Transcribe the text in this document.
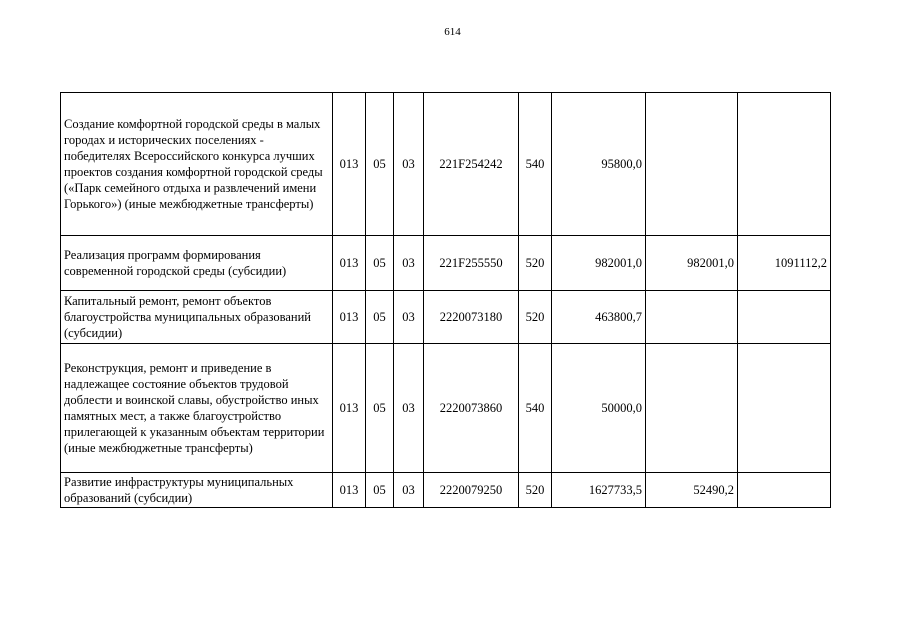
614
Создание комфортной городской среды в малых городах и исторических поселениях - победителях Всероссийского конкурса лучших проектов создания комфортной городской среды («Парк семейного отдыха и развлечений имени Горького») (иные межбюджетные трансферты)	013	05	03	221F254242	540	95800,0		
Реализация программ формирования современной городской среды (субсидии)	013	05	03	221F255550	520	982001,0	982001,0	1091112,2
Капитальный ремонт, ремонт объектов благоустройства муниципальных образований (субсидии)	013	05	03	2220073180	520	463800,7		
Реконструкция, ремонт и приведение в надлежащее состояние объектов трудовой доблести и воинской славы, обустройство иных памятных мест, а также благоустройство прилегающей к указанным объектам территории (иные межбюджетные трансферты)	013	05	03	2220073860	540	50000,0		
Развитие инфраструктуры муниципальных образований (субсидии)	013	05	03	2220079250	520	1627733,5	52490,2	
